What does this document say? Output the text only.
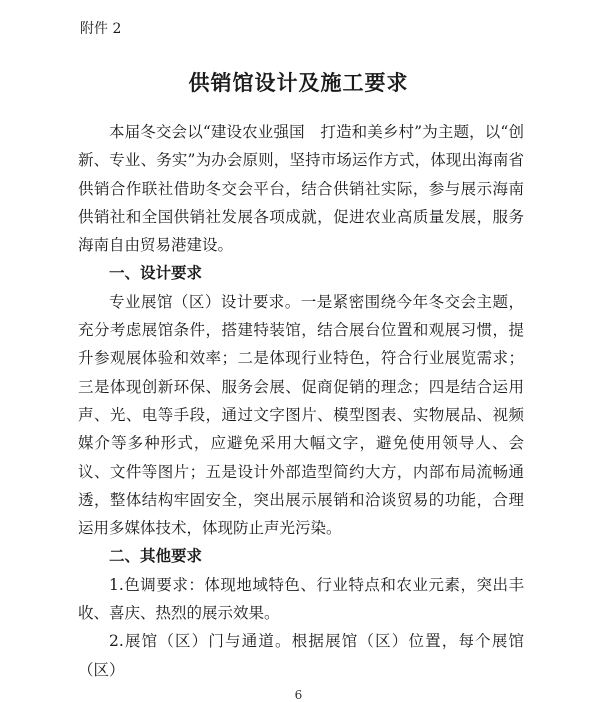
附件 2
供销馆设计及施工要求

本届冬交会以“建设农业强国　打造和美乡村”为主题，以“创新、专业、务实”为办会原则，坚持市场运作方式，体现出海南省供销合作联社借助冬交会平台，结合供销社实际，参与展示海南供销社和全国供销社发展各项成就，促进农业高质量发展，服务海南自由贸易港建设。

一、设计要求

专业展馆（区）设计要求。一是紧密围绕今年冬交会主题，充分考虑展馆条件，搭建特装馆，结合展台位置和观展习惯，提升参观展体验和效率；二是体现行业特色，符合行业展览需求；三是体现创新环保、服务会展、促商促销的理念；四是结合运用声、光、电等手段，通过文字图片、模型图表、实物展品、视频媒介等多种形式，应避免采用大幅文字，避免使用领导人、会议、文件等图片；五是设计外部造型简约大方，内部布局流畅通透，整体结构牢固安全，突出展示展销和洽谈贸易的功能，合理运用多媒体技术，体现防止声光污染。

二、其他要求

1.色调要求：体现地域特色、行业特点和农业元素，突出丰收、喜庆、热烈的展示效果。

2.展馆（区）门与通道。根据展馆（区）位置，每个展馆（区）

6
